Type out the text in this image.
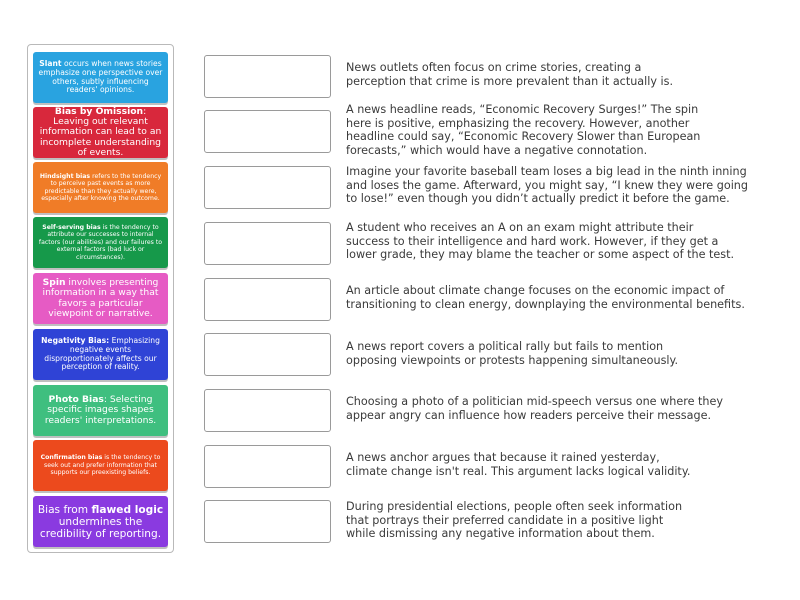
Slant occurs when news stories emphasize one perspective over others, subtly influencing readers' opinions.
Bias by Omission: Leaving out relevant information can lead to an incomplete understanding of events.
Hindsight bias refers to the tendency to perceive past events as more predictable than they actually were, especially after knowing the outcome.
Self-serving bias is the tendency to attribute our successes to internal factors (our abilities) and our failures to external factors (bad luck or circumstances).
Spin involves presenting information in a way that favors a particular viewpoint or narrative.
Negativity Bias: Emphasizing negative events disproportionately affects our perception of reality.
Photo Bias: Selecting specific images shapes readers' interpretations.
Confirmation bias is the tendency to seek out and prefer information that supports our preexisting beliefs.
Bias from flawed logic undermines the credibility of reporting.
News outlets often focus on crime stories, creating a
perception that crime is more prevalent than it actually is.
A news headline reads, “Economic Recovery Surges!” The spin
here is positive, emphasizing the recovery. However, another
headline could say, “Economic Recovery Slower than European
forecasts,” which would have a negative connotation.
Imagine your favorite baseball team loses a big lead in the ninth inning
and loses the game. Afterward, you might say, “I knew they were going
to lose!” even though you didn’t actually predict it before the game.
A student who receives an A on an exam might attribute their
success to their intelligence and hard work. However, if they get a
lower grade, they may blame the teacher or some aspect of the test.
An article about climate change focuses on the economic impact of
transitioning to clean energy, downplaying the environmental benefits.
A news report covers a political rally but fails to mention
opposing viewpoints or protests happening simultaneously.
Choosing a photo of a politician mid-speech versus one where they
appear angry can influence how readers perceive their message.
A news anchor argues that because it rained yesterday,
climate change isn't real. This argument lacks logical validity.
During presidential elections, people often seek information
that portrays their preferred candidate in a positive light
while dismissing any negative information about them.
